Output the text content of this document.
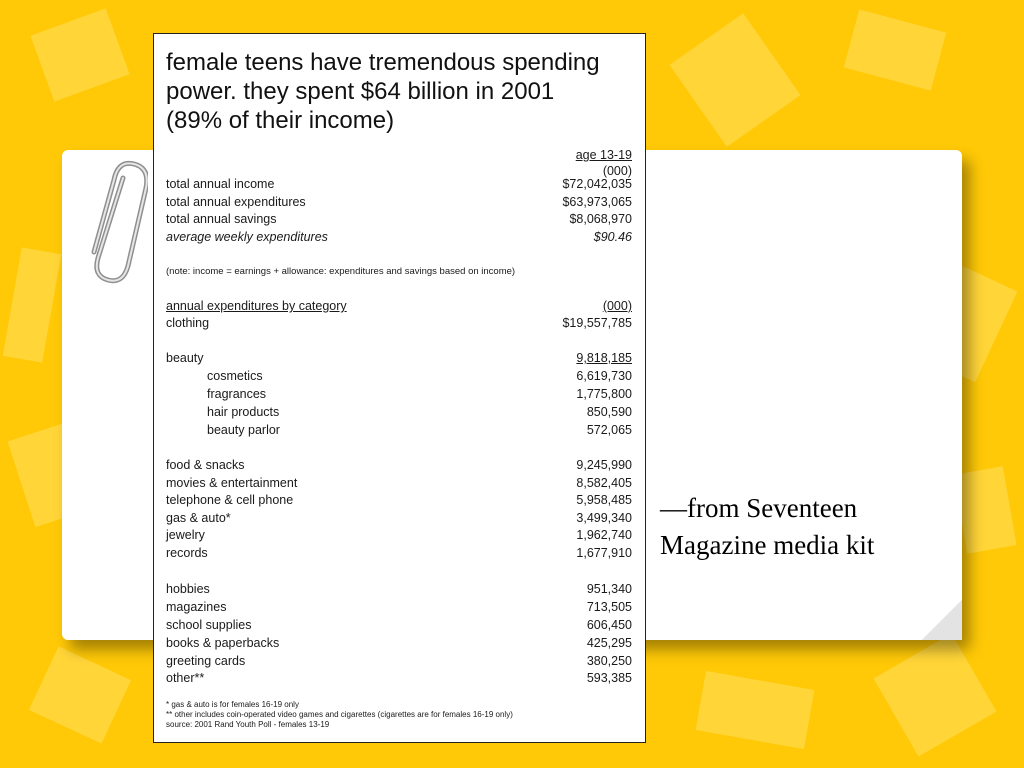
female teens have tremendous spending
power. they spent $64 billion in 2001
(89% of their income)
age 13-19
(000)
total annual income	$72,042,035
total annual expenditures	$63,973,065
total annual savings	$8,068,970
average weekly expenditures	$90.46
(note: income = earnings + allowance: expenditures and savings based on income)
annual expenditures by category	(000)
clothing	$19,557,785
beauty	9,818,185
cosmetics	6,619,730
fragrances	1,775,800
hair products	850,590
beauty parlor	572,065
food & snacks	9,245,990
movies & entertainment	8,582,405
telephone & cell phone	5,958,485
gas & auto*	3,499,340
jewelry	1,962,740
records	1,677,910
hobbies	951,340
magazines	713,505
school supplies	606,450
books & paperbacks	425,295
greeting cards	380,250
other**	593,385
* gas & auto is for females 16-19 only
** other includes coin-operated video games and cigarettes (cigarettes are for females 16-19 only)
source: 2001 Rand Youth Poll - females 13-19
—from Seventeen
Magazine media kit
